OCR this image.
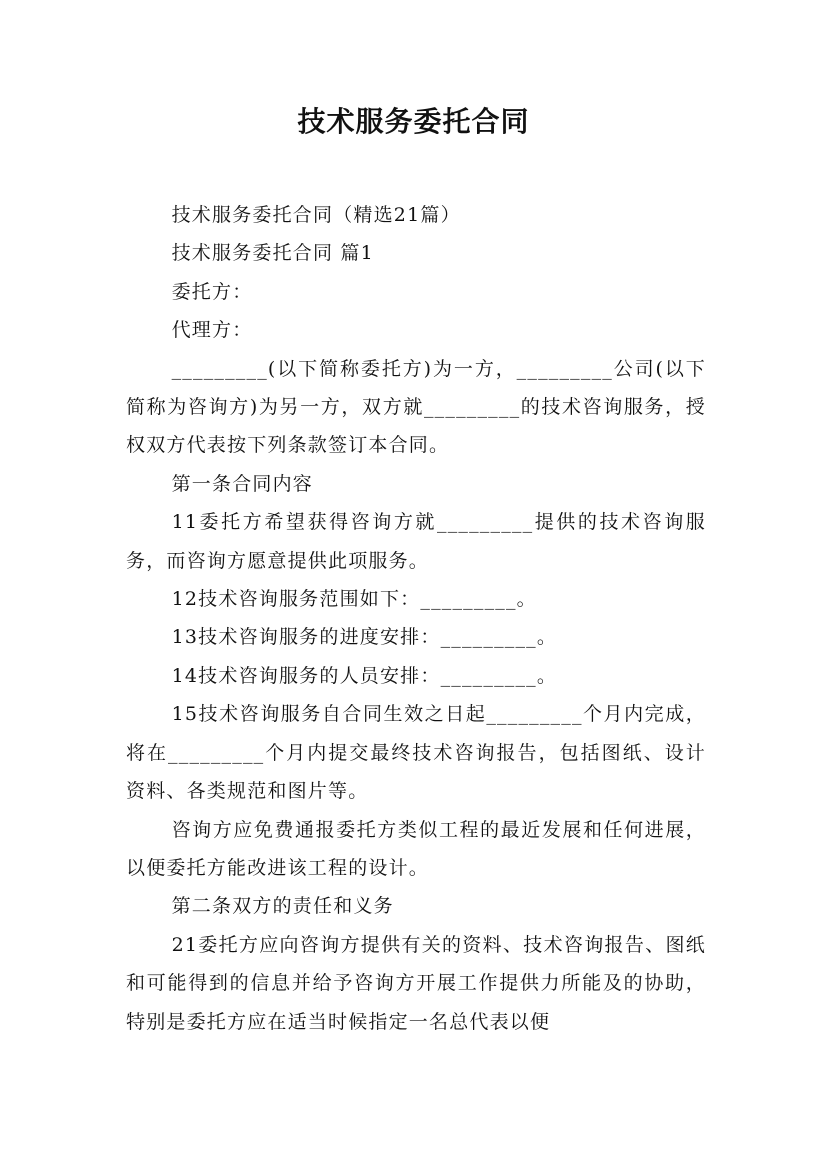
技术服务委托合同

技术服务委托合同（精选21篇）

技术服务委托合同 篇1

委托方：

代理方：

_________(以下简称委托方)为一方，_________公司(以下简称为咨询方)为另一方，双方就_________的技术咨询服务，授权双方代表按下列条款签订本合同。

第一条合同内容

11委托方希望获得咨询方就_________提供的技术咨询服务，而咨询方愿意提供此项服务。

12技术咨询服务范围如下：_________。

13技术咨询服务的进度安排：_________。

14技术咨询服务的人员安排：_________。

15技术咨询服务自合同生效之日起_________个月内完成，将在_________个月内提交最终技术咨询报告，包括图纸、设计资料、各类规范和图片等。

咨询方应免费通报委托方类似工程的最近发展和任何进展，以便委托方能改进该工程的设计。

第二条双方的责任和义务

21委托方应向咨询方提供有关的资料、技术咨询报告、图纸和可能得到的信息并给予咨询方开展工作提供力所能及的协助，特别是委托方应在适当时候指定一名总代表以便
